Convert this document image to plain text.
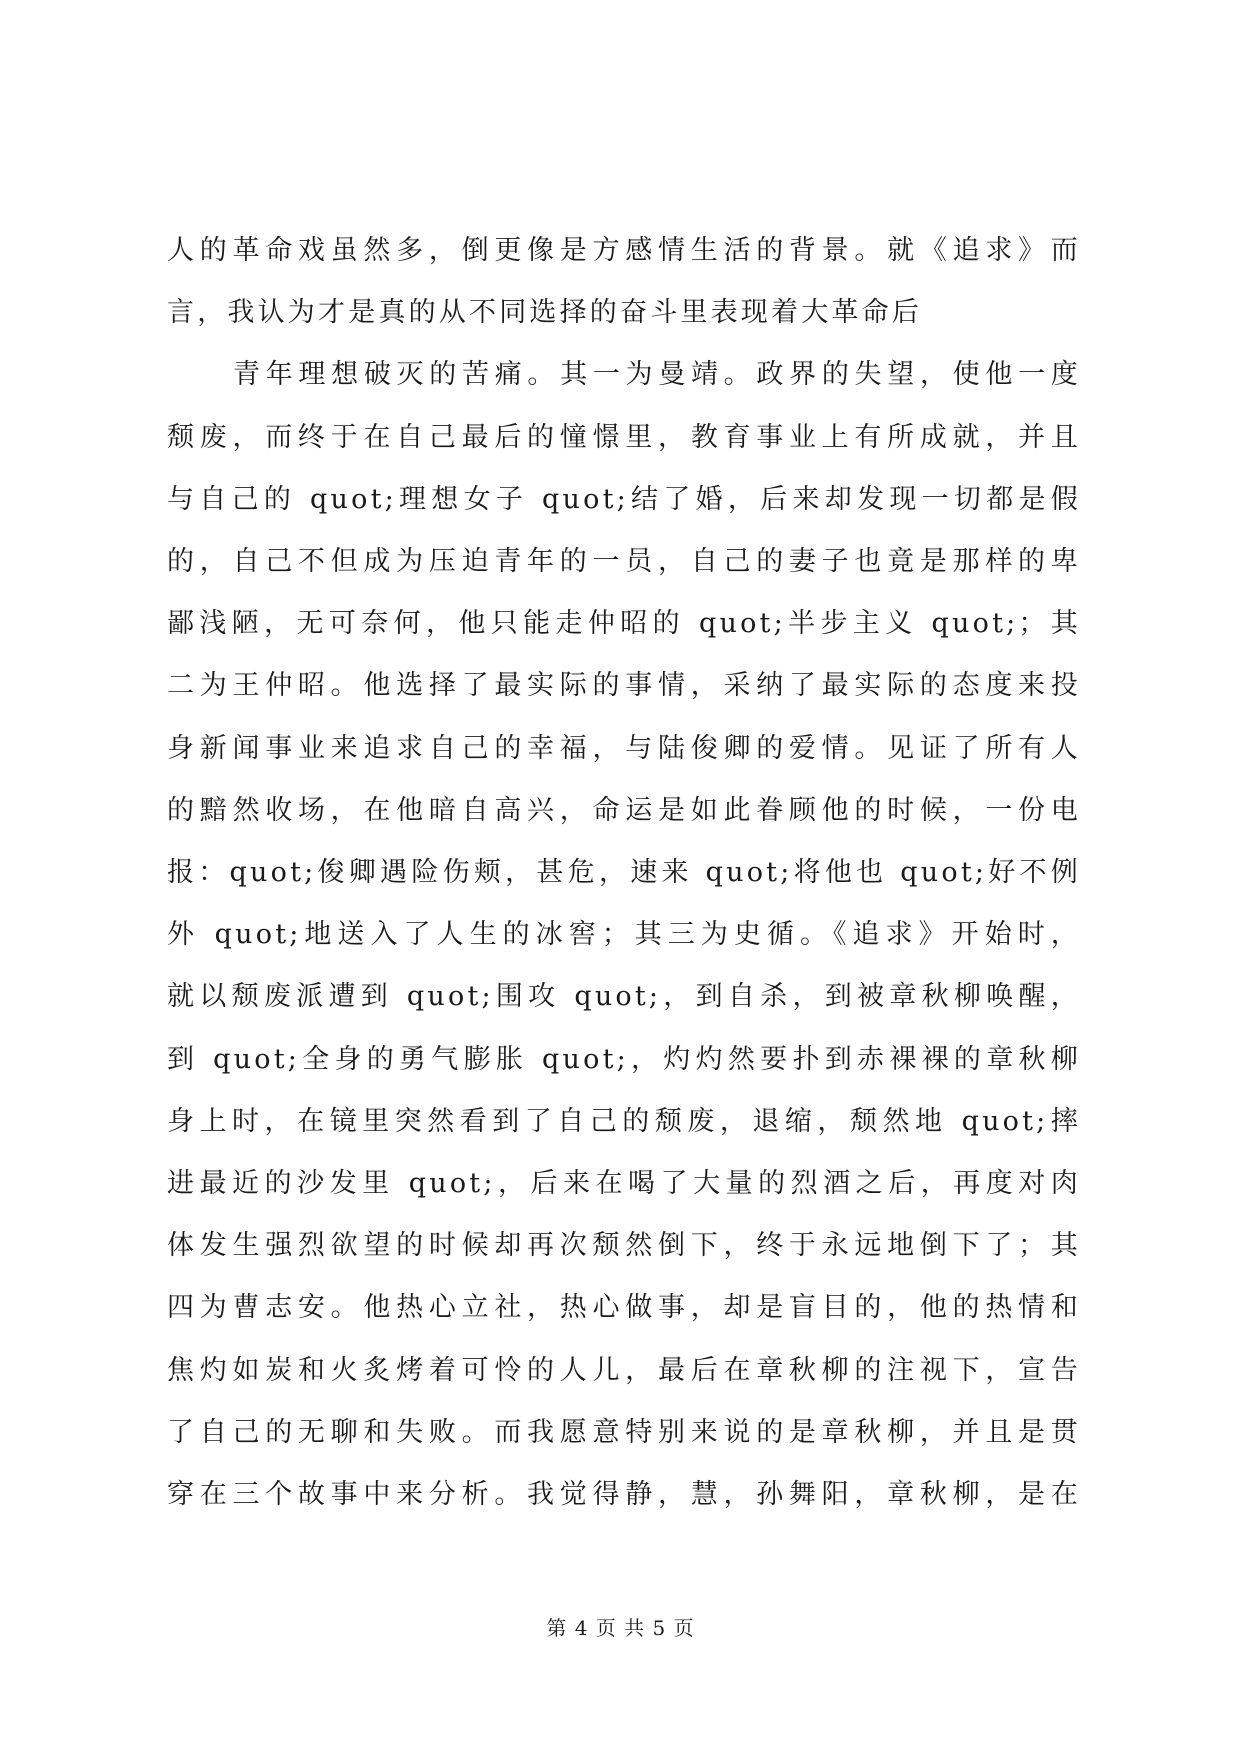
人的革命戏虽然多，倒更像是方感情生活的背景。就《追求》而
言，我认为才是真的从不同选择的奋斗里表现着大革命后
青年理想破灭的苦痛。其一为曼靖。政界的失望，使他一度
颓废，而终于在自己最后的憧憬里，教育事业上有所成就，并且
与自己的 quot;理想女子 quot;结了婚，后来却发现一切都是假
的，自己不但成为压迫青年的一员，自己的妻子也竟是那样的卑
鄙浅陋，无可奈何，他只能走仲昭的 quot;半步主义 quot;；其
二为王仲昭。他选择了最实际的事情，采纳了最实际的态度来投
身新闻事业来追求自己的幸福，与陆俊卿的爱情。见证了所有人
的黯然收场，在他暗自高兴，命运是如此眷顾他的时候，一份电
报：quot;俊卿遇险伤颊，甚危，速来 quot;将他也 quot;好不例
外 quot;地送入了人生的冰窖；其三为史循。《追求》开始时，
就以颓废派遭到 quot;围攻 quot;，到自杀，到被章秋柳唤醒，
到 quot;全身的勇气膨胀 quot;，灼灼然要扑到赤裸裸的章秋柳
身上时，在镜里突然看到了自己的颓废，退缩，颓然地 quot;摔
进最近的沙发里 quot;，后来在喝了大量的烈酒之后，再度对肉
体发生强烈欲望的时候却再次颓然倒下，终于永远地倒下了；其
四为曹志安。他热心立社，热心做事，却是盲目的，他的热情和
焦灼如炭和火炙烤着可怜的人儿，最后在章秋柳的注视下，宣告
了自己的无聊和失败。而我愿意特别来说的是章秋柳，并且是贯
穿在三个故事中来分析。我觉得静，慧，孙舞阳，章秋柳，是在
第 4 页 共 5 页
